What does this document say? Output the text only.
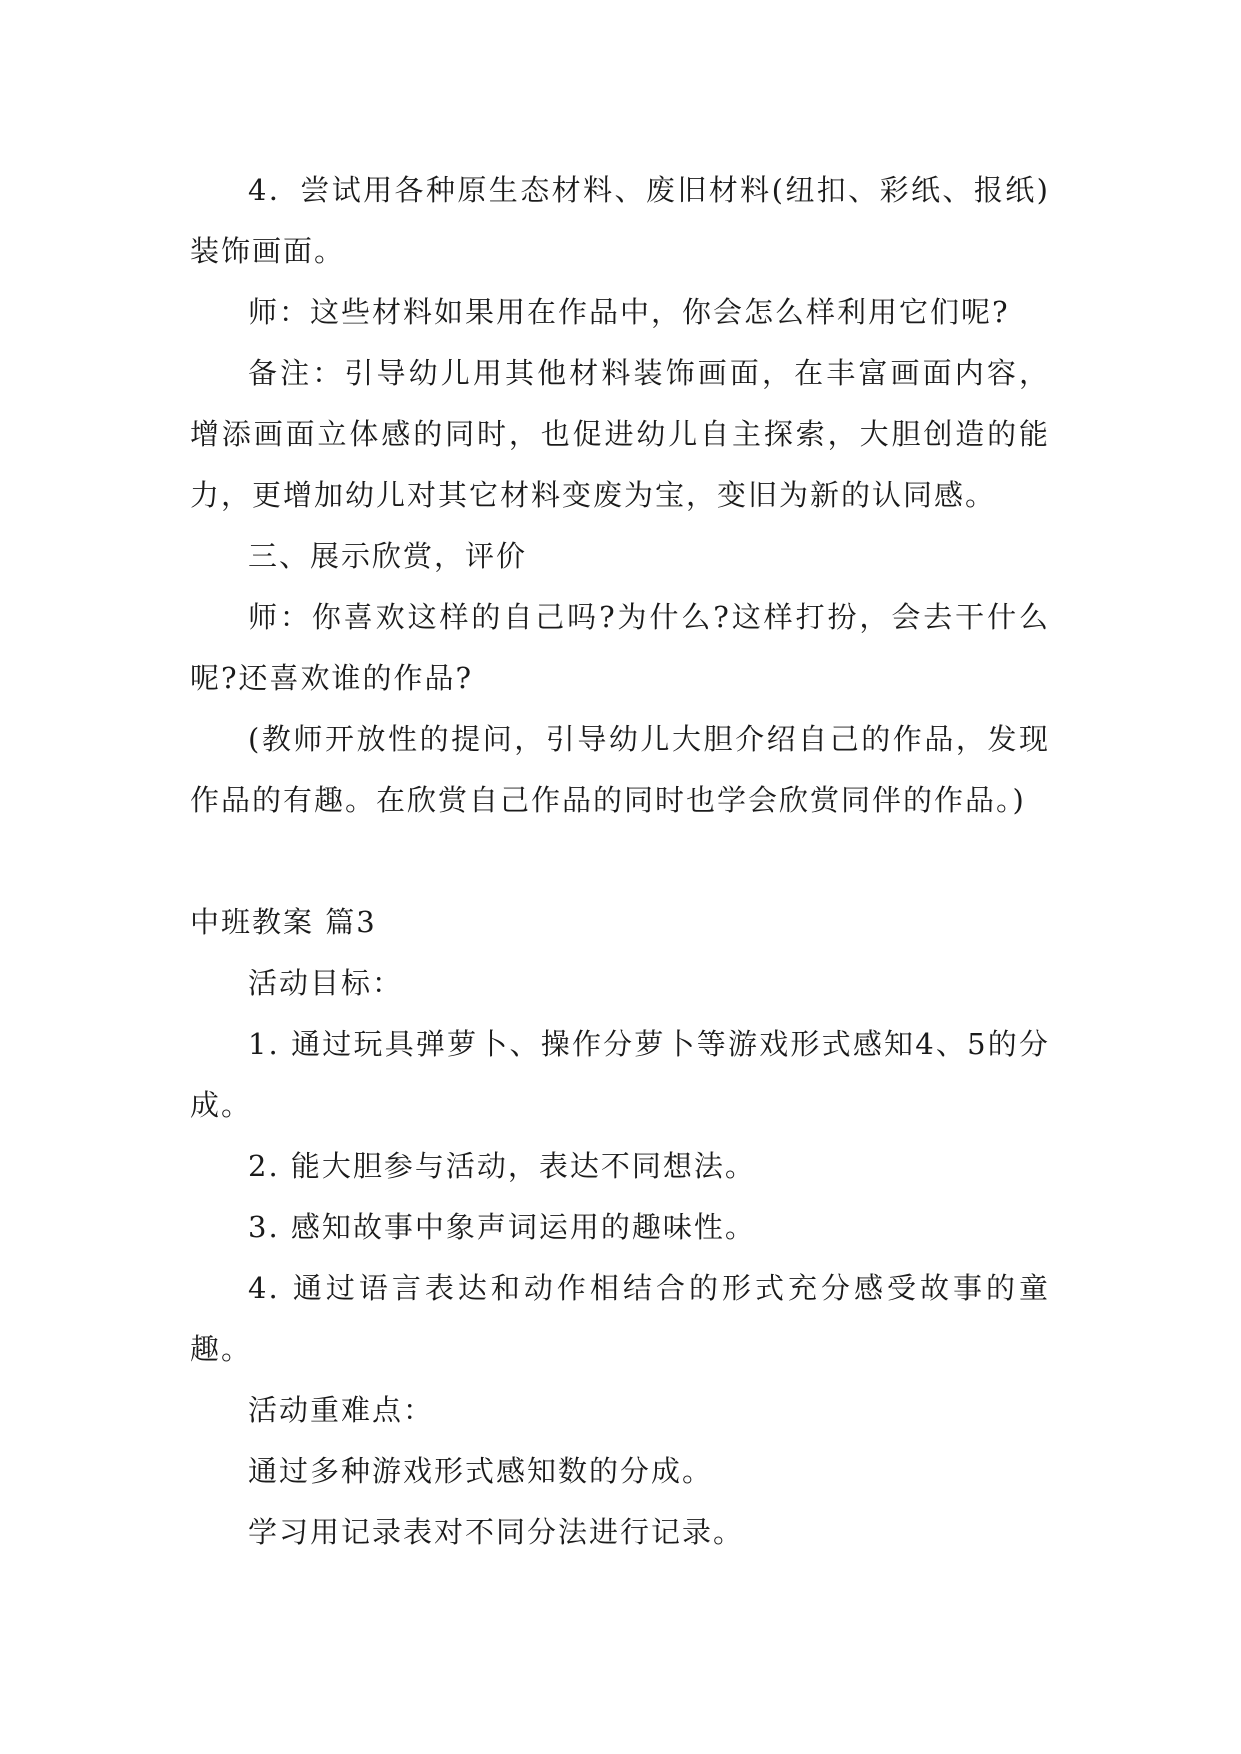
4．尝试用各种原生态材料、废旧材料(纽扣、彩纸、报纸)装饰画面。

师：这些材料如果用在作品中，你会怎么样利用它们呢?

备注：引导幼儿用其他材料装饰画面，在丰富画面内容，增添画面立体感的同时，也促进幼儿自主探索，大胆创造的能力，更增加幼儿对其它材料变废为宝，变旧为新的认同感。

三、展示欣赏，评价

师：你喜欢这样的自己吗?为什么?这样打扮，会去干什么呢?还喜欢谁的作品?

(教师开放性的提问，引导幼儿大胆介绍自己的作品，发现作品的有趣。在欣赏自己作品的同时也学会欣赏同伴的作品。)

中班教案 篇3

活动目标：

1. 通过玩具弹萝卜、操作分萝卜等游戏形式感知4、5的分成。

2. 能大胆参与活动，表达不同想法。

3. 感知故事中象声词运用的趣味性。

4. 通过语言表达和动作相结合的形式充分感受故事的童趣。

活动重难点：

通过多种游戏形式感知数的分成。

学习用记录表对不同分法进行记录。
